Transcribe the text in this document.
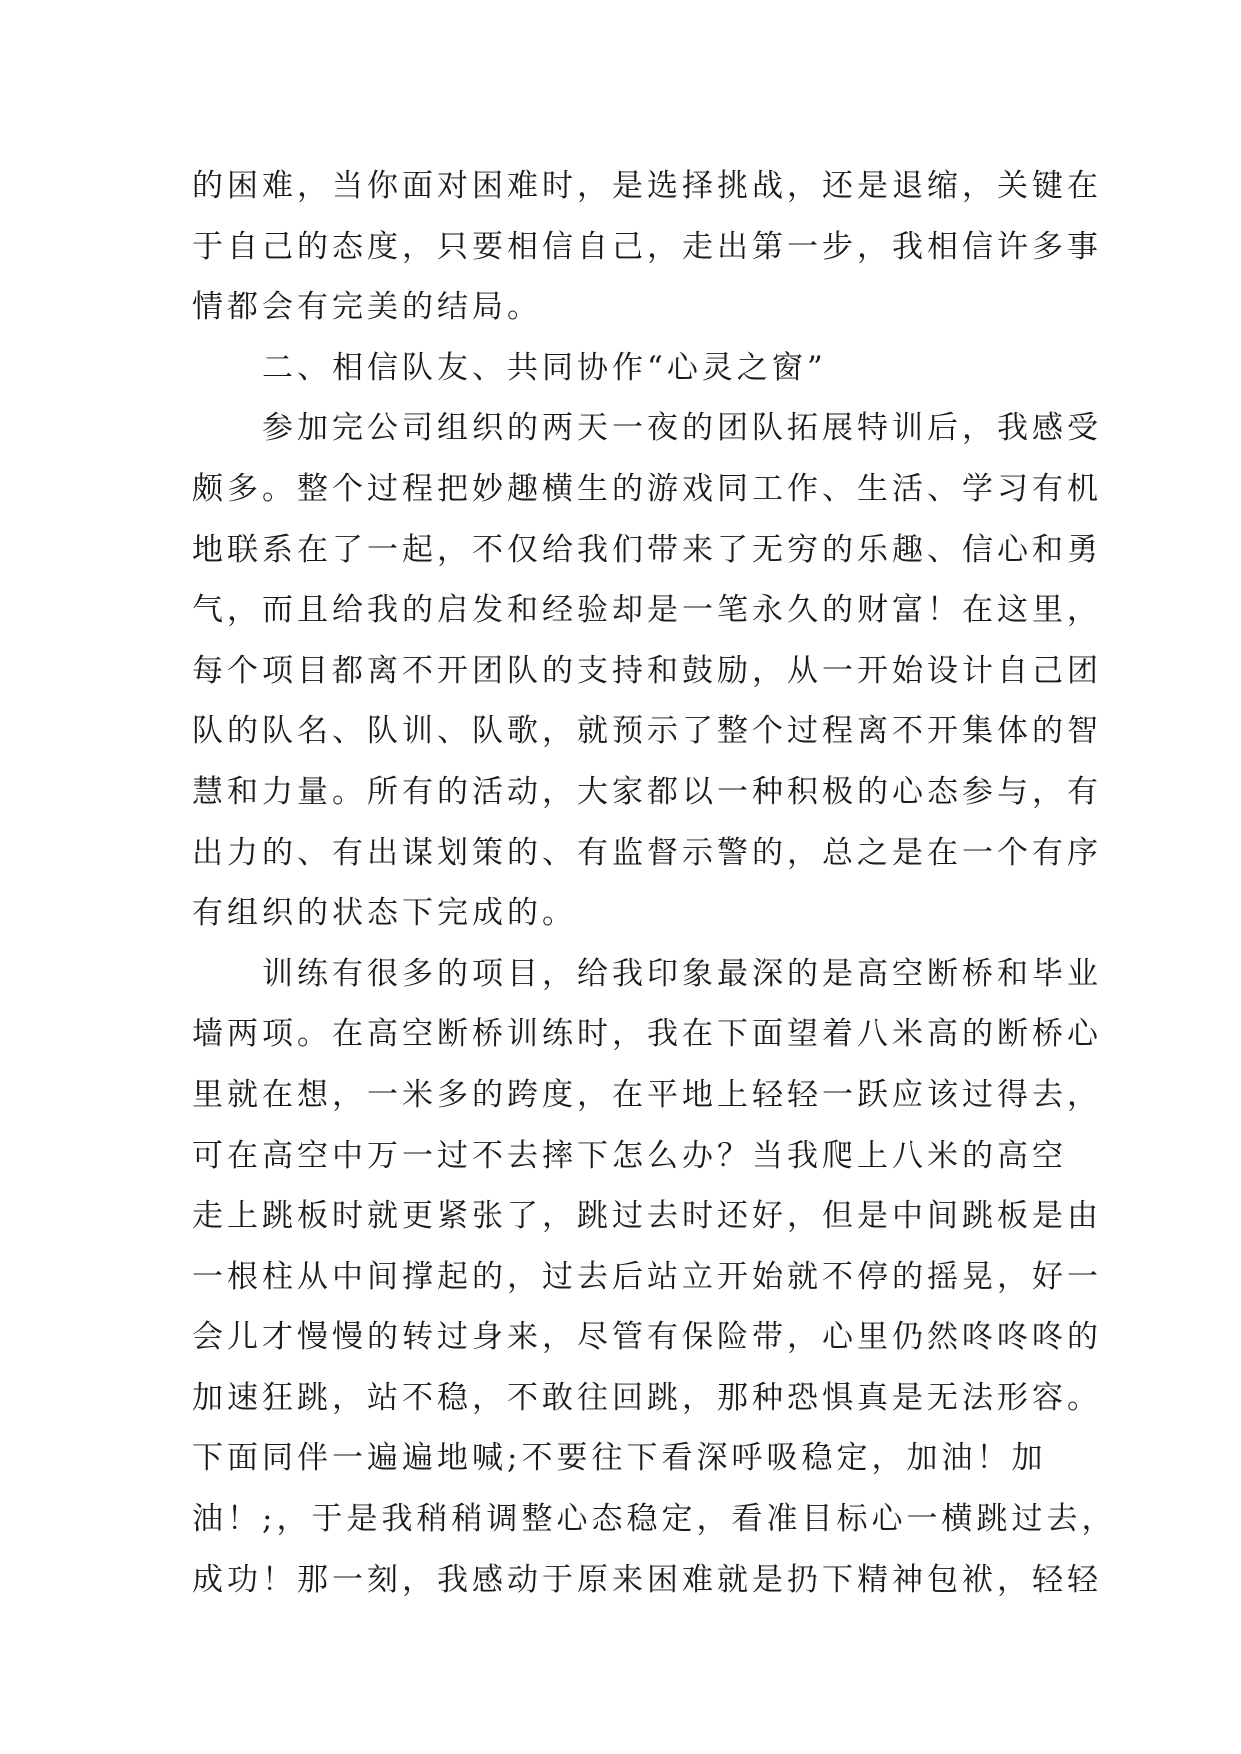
的困难，当你面对困难时，是选择挑战，还是退缩，关键在
于自己的态度，只要相信自己，走出第一步，我相信许多事
情都会有完美的结局。
二、相信队友、共同协作“心灵之窗”
参加完公司组织的两天一夜的团队拓展特训后，我感受
颇多。整个过程把妙趣横生的游戏同工作、生活、学习有机
地联系在了一起，不仅给我们带来了无穷的乐趣、信心和勇
气，而且给我的启发和经验却是一笔永久的财富！在这里，
每个项目都离不开团队的支持和鼓励，从一开始设计自己团
队的队名、队训、队歌，就预示了整个过程离不开集体的智
慧和力量。所有的活动，大家都以一种积极的心态参与，有
出力的、有出谋划策的、有监督示警的，总之是在一个有序
有组织的状态下完成的。
训练有很多的项目，给我印象最深的是高空断桥和毕业
墙两项。在高空断桥训练时，我在下面望着八米高的断桥心
里就在想，一米多的跨度，在平地上轻轻一跃应该过得去，
可在高空中万一过不去摔下怎么办？当我爬上八米的高空
走上跳板时就更紧张了，跳过去时还好，但是中间跳板是由
一根柱从中间撑起的，过去后站立开始就不停的摇晃，好一
会儿才慢慢的转过身来，尽管有保险带，心里仍然咚咚咚的
加速狂跳，站不稳，不敢往回跳，那种恐惧真是无法形容。
下面同伴一遍遍地喊;不要往下看深呼吸稳定，加油！加
油！;，于是我稍稍调整心态稳定，看准目标心一横跳过去，
成功！那一刻，我感动于原来困难就是扔下精神包袱，轻轻
